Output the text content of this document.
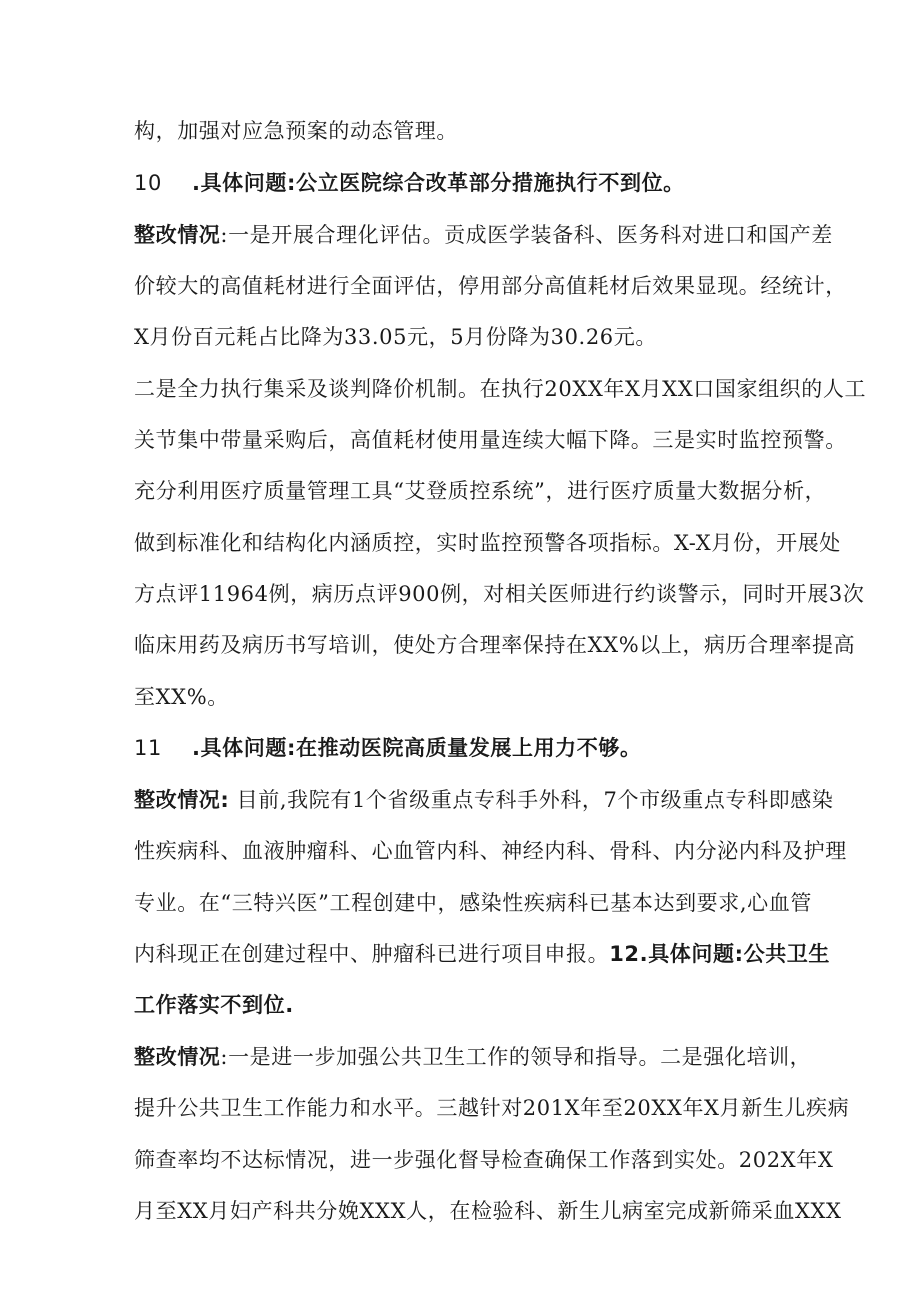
构，加强对应急预案的动态管理。
10 .具体问题:公立医院综合改革部分措施执行不到位。
整改情况:一是开展合理化评估。贡成医学装备科、医务科对进口和国产差
价较大的高值耗材进行全面评估，停用部分高值耗材后效果显现。经统计，
X月份百元耗占比降为33.05元，5月份降为30.26元。
二是全力执行集采及谈判降价机制。在执行20XX年X月XX口国家组织的人工
关节集中带量采购后，高值耗材使用量连续大幅下降。三是实时监控预警。
充分利用医疗质量管理工具“艾登质控系统”，进行医疗质量大数据分析，
做到标准化和结构化内涵质控，实时监控预警各项指标。X-X月份，开展处
方点评11964例，病历点评900例，对相关医师进行约谈警示，同时开展3次
临床用药及病历书写培训，使处方合理率保持在XX%以上，病历合理率提高
至XX%。
11 .具体问题:在推动医院高质量发展上用力不够。
整改情况: 目前,我院有1个省级重点专科手外科，7个市级重点专科即感染
性疾病科、血液肿瘤科、心血管内科、神经内科、骨科、内分泌内科及护理
专业。在“三特兴医”工程创建中，感染性疾病科已基本达到要求,心血管
内科现正在创建过程中、肿瘤科已进行项目申报。12.具体问题:公共卫生
工作落实不到位.
整改情况:一是进一步加强公共卫生工作的领导和指导。二是强化培训，
提升公共卫生工作能力和水平。三越针对201X年至20XX年X月新生儿疾病
筛查率均不达标情况，进一步强化督导检查确保工作落到实处。202X年X
月至XX月妇产科共分娩XXX人，在检验科、新生儿病室完成新筛采血XXX
